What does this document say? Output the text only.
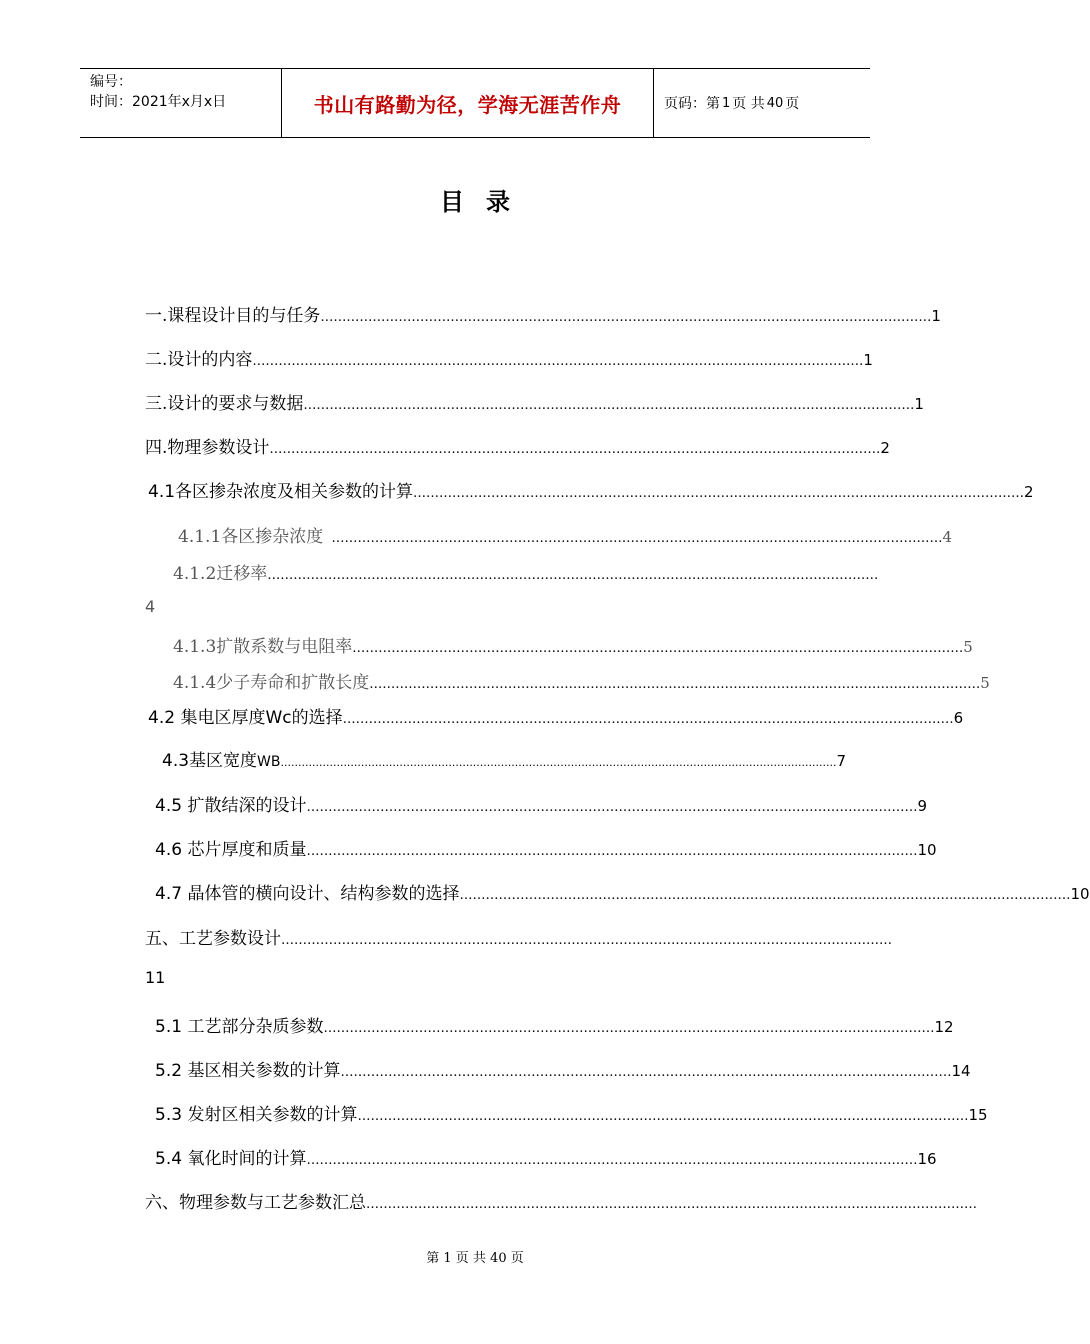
编号：
时间：2021年x月x日	书山有路勤为径，学海无涯苦作舟	页码：第 1 页 共 40 页
目录
一.课程设计目的与任务 …………………………………………………………………………………………………………………………… 1
二.设计的内容 …………………………………………………………………………………………………………………………… 1
三.设计的要求与数据 …………………………………………………………………………………………………………………………… 1
四.物理参数设计 …………………………………………………………………………………………………………………………… 2
4.1各区掺杂浓度及相关参数的计算 …………………………………………………………………………………………………………………………… 2
4.1.1各区掺杂浓度 …………………………………………………………………………………………………………………………… 4
4.1.2迁移率 ……………………………………………………………………………………………………………………………
4
4.1.3扩散系数与电阻率 …………………………………………………………………………………………………………………………… 5
4.1.4少子寿命和扩散长度 …………………………………………………………………………………………………………………………… 5
4.2 集电区厚度Wc的选择 …………………………………………………………………………………………………………………………… 6
4.3 基 区 宽 度 WB ............................................................................................................................................................... 7
4.5 扩散结深的设计 …………………………………………………………………………………………………………………………… 9
4.6 芯片厚度和质量 …………………………………………………………………………………………………………………………… 10
4.7 晶体管的横向设计、结构参数的选择 …………………………………………………………………………………………………………………………… 10
五、工艺参数设计 ……………………………………………………………………………………………………………………………
11
5.1 工艺部分杂质参数 …………………………………………………………………………………………………………………………… 12
5.2 基区相关参数的计算 …………………………………………………………………………………………………………………………… 14
5.3 发射区相关参数的计算 …………………………………………………………………………………………………………………………… 15
5.4 氧化时间的计算 …………………………………………………………………………………………………………………………… 16
六、物理参数与工艺参数汇总 ……………………………………………………………………………………………………………………………
第 1 页 共 40 页
